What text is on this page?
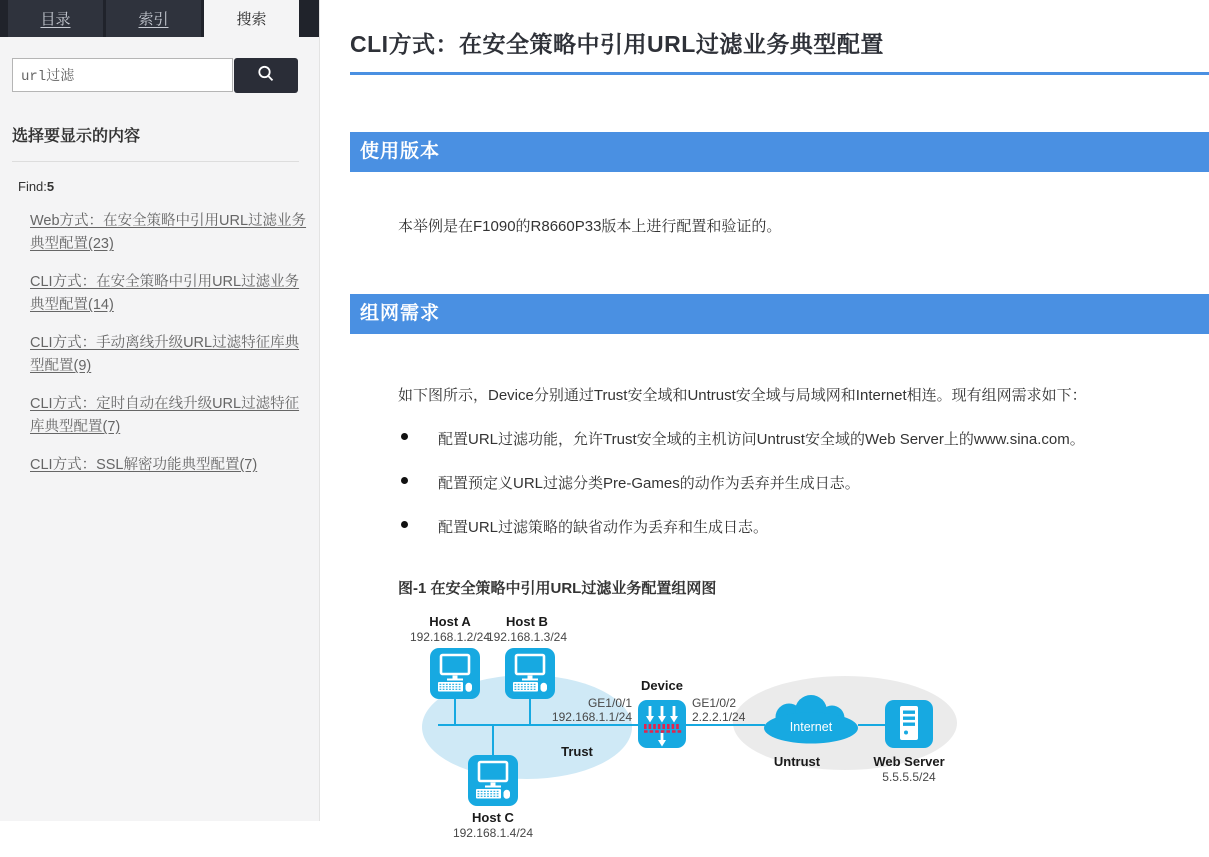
目录	索引	搜索
url过滤
选择要显示的内容
Find:5
Web方式：在安全策略中引用URL过滤业务典型配置(23)
CLI方式：在安全策略中引用URL过滤业务典型配置(14)
CLI方式：手动离线升级URL过滤特征库典型配置(9)
CLI方式：定时自动在线升级URL过滤特征库典型配置(7)
CLI方式：SSL解密功能典型配置(7)
CLI方式：在安全策略中引用URL过滤业务典型配置
使用版本

本举例是在F1090的R8660P33版本上进行配置和验证的。

组网需求

如下图所示，Device分别通过Trust安全域和Untrust安全域与局域网和Internet相连。现有组网需求如下：

配置URL过滤功能，允许Trust安全域的主机访问Untrust安全域的Web Server上的www.sina.com。
配置预定义URL过滤分类Pre-Games的动作为丢弃并生成日志。
配置URL过滤策略的缺省动作为丢弃和生成日志。
图-1 在安全策略中引用URL过滤业务配置组网图
Host A
192.168.1.2/24
Host B
192.168.1.3/24
Host C
192.168.1.4/24
GE1/0/1
192.168.1.1/24
GE1/0/2
2.2.2.1/24
Device
Internet
Trust
Untrust	Web Server
5.5.5.5/24
